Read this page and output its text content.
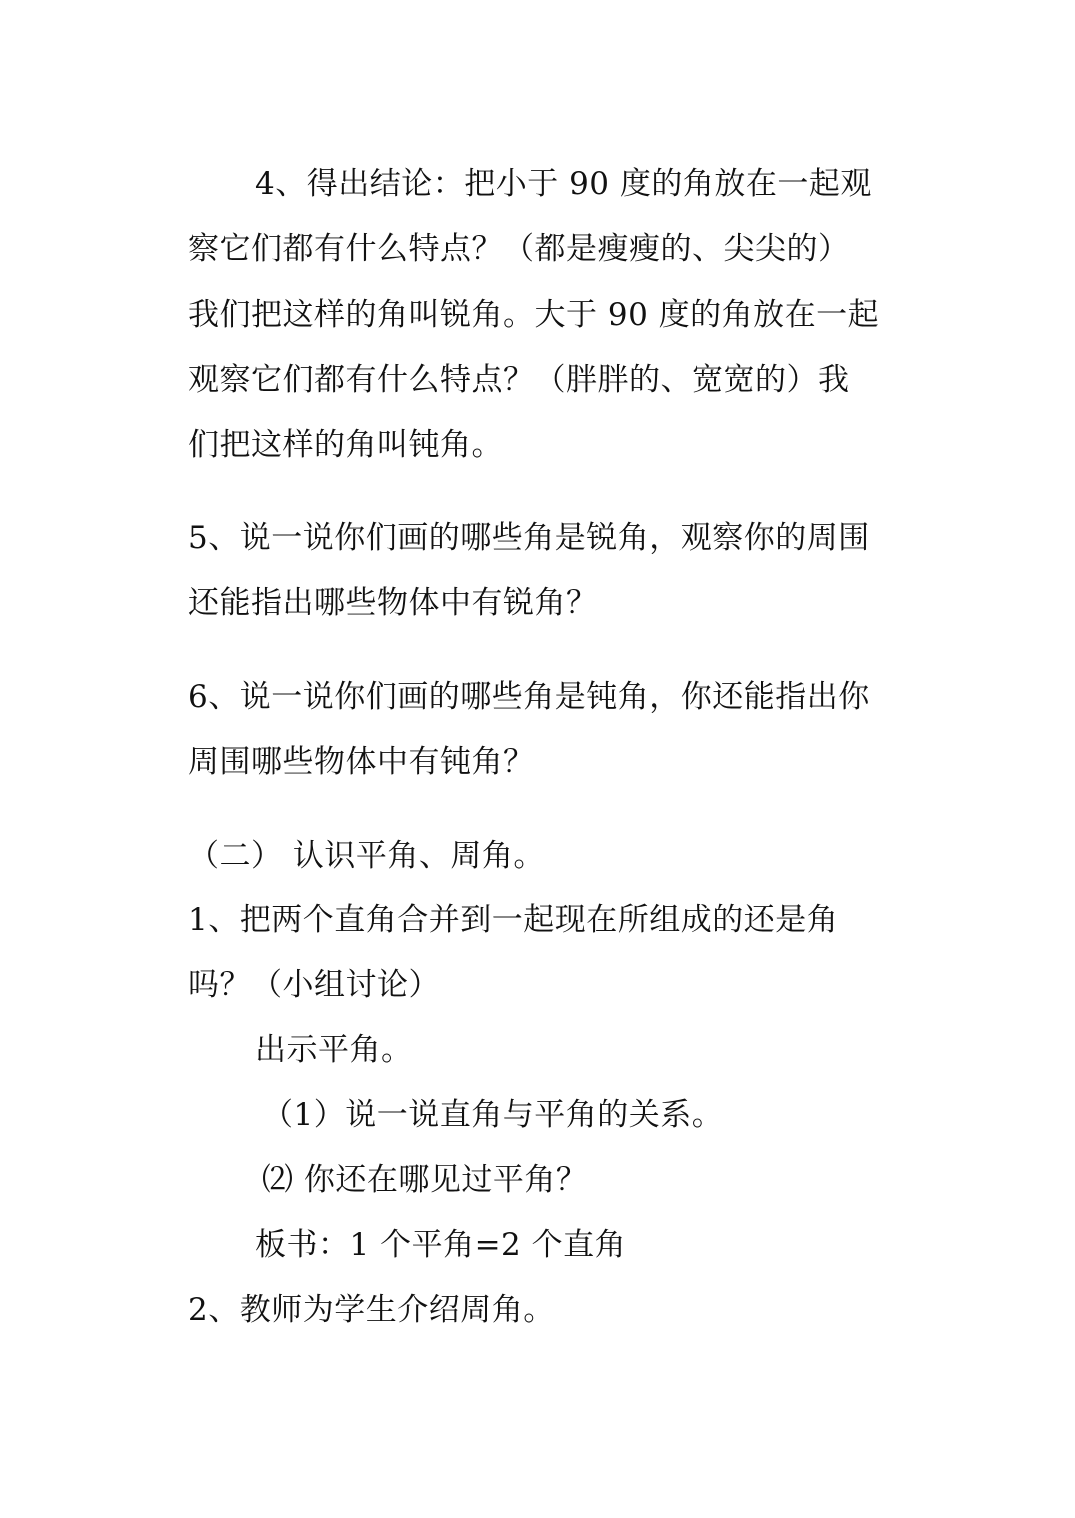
4、得出结论：把小于 90 度的角放在一起观
察它们都有什么特点？（都是瘦瘦的、尖尖的）
我们把这样的角叫锐角。大于 90 度的角放在一起
观察它们都有什么特点？（胖胖的、宽宽的）我
们把这样的角叫钝角。
5、说一说你们画的哪些角是锐角，观察你的周围
还能指出哪些物体中有锐角？
6、说一说你们画的哪些角是钝角，你还能指出你
周围哪些物体中有钝角？
（二） 认识平角、周角。
1、把两个直角合并到一起现在所组成的还是角
吗？（小组讨论）
出示平角。
（1）说一说直角与平角的关系。
⑵ 你还在哪见过平角？
板书：1 个平角=2 个直角
2、教师为学生介绍周角。
